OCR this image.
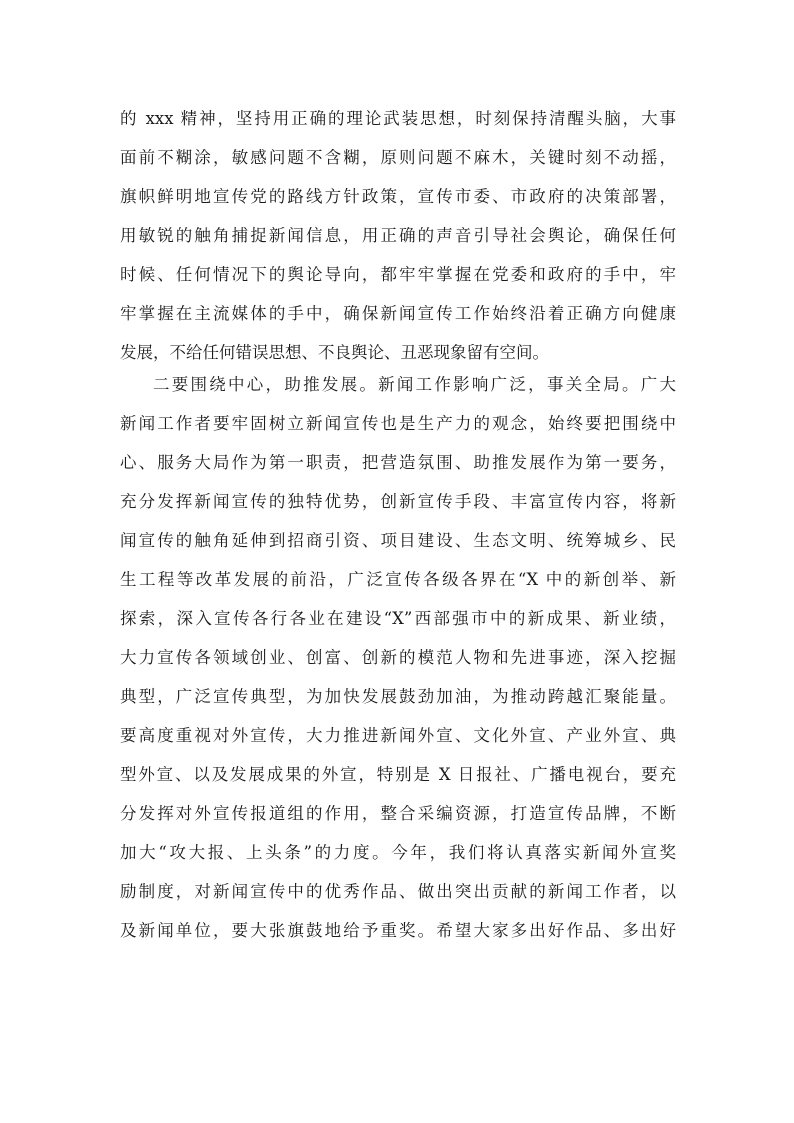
的 xxx 精神，坚持用正确的理论武装思想，时刻保持清醒头脑，大事
面前不糊涂，敏感问题不含糊，原则问题不麻木，关键时刻不动摇，
旗帜鲜明地宣传党的路线方针政策，宣传市委、市政府的决策部署，
用敏锐的触角捕捉新闻信息，用正确的声音引导社会舆论，确保任何
时候、任何情况下的舆论导向，都牢牢掌握在党委和政府的手中，牢
牢掌握在主流媒体的手中，确保新闻宣传工作始终沿着正确方向健康
发展，不给任何错误思想、不良舆论、丑恶现象留有空间。
二要围绕中心，助推发展。新闻工作影响广泛，事关全局。广大
新闻工作者要牢固树立新闻宣传也是生产力的观念，始终要把围绕中
心、服务大局作为第一职责，把营造氛围、助推发展作为第一要务，
充分发挥新闻宣传的独特优势，创新宣传手段、丰富宣传内容，将新
闻宣传的触角延伸到招商引资、项目建设、生态文明、统筹城乡、民
生工程等改革发展的前沿，广泛宣传各级各界在“X 中的新创举、新
探索，深入宣传各行各业在建设“X”西部强市中的新成果、新业绩，
大力宣传各领域创业、创富、创新的模范人物和先进事迹，深入挖掘
典型，广泛宣传典型，为加快发展鼓劲加油，为推动跨越汇聚能量。
要高度重视对外宣传，大力推进新闻外宣、文化外宣、产业外宣、典
型外宣、以及发展成果的外宣，特别是 X 日报社、广播电视台，要充
分发挥对外宣传报道组的作用，整合采编资源，打造宣传品牌，不断
加大“攻大报、上头条”的力度。今年，我们将认真落实新闻外宣奖
励制度，对新闻宣传中的优秀作品、做出突出贡献的新闻工作者，以
及新闻单位，要大张旗鼓地给予重奖。希望大家多出好作品、多出好
